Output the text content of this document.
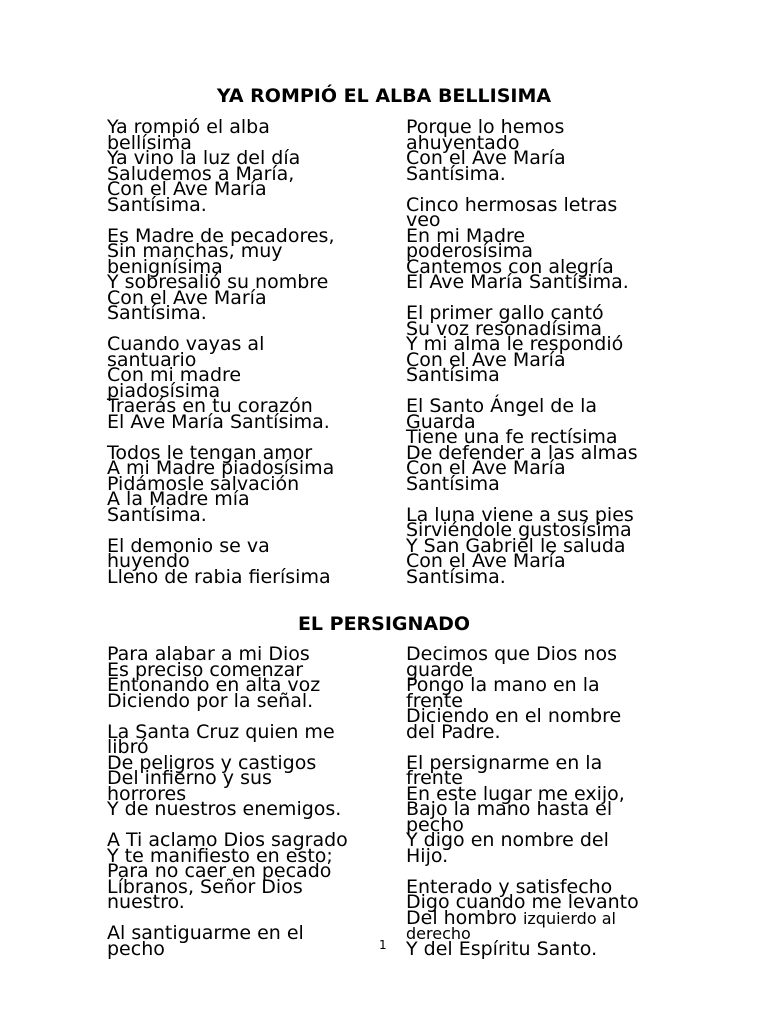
YA ROMPIÓ EL ALBA BELLISIMA
Ya rompió el alba
bellísima
Ya vino la luz del día
Saludemos a María,
Con el Ave María
Santísima.
Es Madre de pecadores,
Sin manchas, muy
benignísima
Y sobresalió su nombre
Con el Ave María
Santísima.
Cuando vayas al
santuario
Con mi madre
piadosísima
Traerás en tu corazón
El Ave María Santísima.
Todos le tengan amor
A mi Madre piadosísima
Pidámosle salvación
A la Madre mía
Santísima.
El demonio se va
huyendo
Lleno de rabia fierísima
Porque lo hemos
ahuyentado
Con el Ave María
Santísima.
Cinco hermosas letras
veo
En mi Madre
poderosísima
Cantemos con alegría
El Ave María Santísima.
El primer gallo cantó
Su voz resonadísima
Y mi alma le respondió
Con el Ave María
Santísima
El Santo Ángel de la
Guarda
Tiene una fe rectísima
De defender a las almas
Con el Ave María
Santísima
La luna viene a sus pies
Sirviéndole gustosísima
Y San Gabriel le saluda
Con el Ave María
Santísima.
EL PERSIGNADO
Para alabar a mi Dios
Es preciso comenzar
Entonando en alta voz
Diciendo por la señal.
La Santa Cruz quien me
libró
De peligros y castigos
Del infierno y sus
horrores
Y de nuestros enemigos.
A Ti aclamo Dios sagrado
Y te manifiesto en esto;
Para no caer en pecado
Líbranos, Señor Dios
nuestro.
Al santiguarme en el
pecho
Decimos que Dios nos
guarde
Pongo la mano en la
frente
Diciendo en el nombre
del Padre.
El persignarme en la
frente
En este lugar me exijo,
Bajo la mano hasta el
pecho
Y digo en nombre del
Hijo.
Enterado y satisfecho
Digo cuando me levanto
Del hombro izquierdo al
derecho
Y del Espíritu Santo.
1
